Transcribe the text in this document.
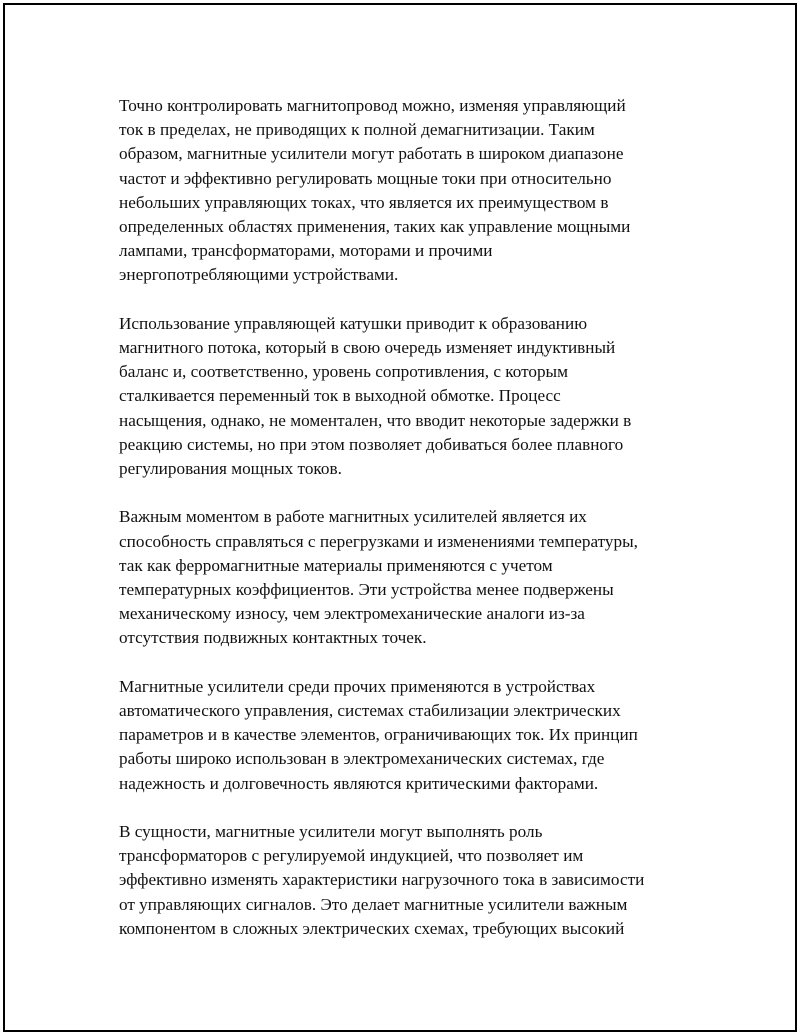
Точно контролировать магнитопровод можно, изменяя управляющий
ток в пределах, не приводящих к полной демагнитизации. Таким
образом, магнитные усилители могут работать в широком диапазоне
частот и эффективно регулировать мощные токи при относительно
небольших управляющих токах, что является их преимуществом в
определенных областях применения, таких как управление мощными
лампами, трансформаторами, моторами и прочими
энергопотребляющими устройствами.
Использование управляющей катушки приводит к образованию
магнитного потока, который в свою очередь изменяет индуктивный
баланс и, соответственно, уровень сопротивления, с которым
сталкивается переменный ток в выходной обмотке. Процесс
насыщения, однако, не моментален, что вводит некоторые задержки в
реакцию системы, но при этом позволяет добиваться более плавного
регулирования мощных токов.
Важным моментом в работе магнитных усилителей является их
способность справляться с перегрузками и изменениями температуры,
так как ферромагнитные материалы применяются с учетом
температурных коэффициентов. Эти устройства менее подвержены
механическому износу, чем электромеханические аналоги из-за
отсутствия подвижных контактных точек.
Магнитные усилители среди прочих применяются в устройствах
автоматического управления, системах стабилизации электрических
параметров и в качестве элементов, ограничивающих ток. Их принцип
работы широко использован в электромеханических системах, где
надежность и долговечность являются критическими факторами.
В сущности, магнитные усилители могут выполнять роль
трансформаторов с регулируемой индукцией, что позволяет им
эффективно изменять характеристики нагрузочного тока в зависимости
от управляющих сигналов. Это делает магнитные усилители важным
компонентом в сложных электрических схемах, требующих высокий
